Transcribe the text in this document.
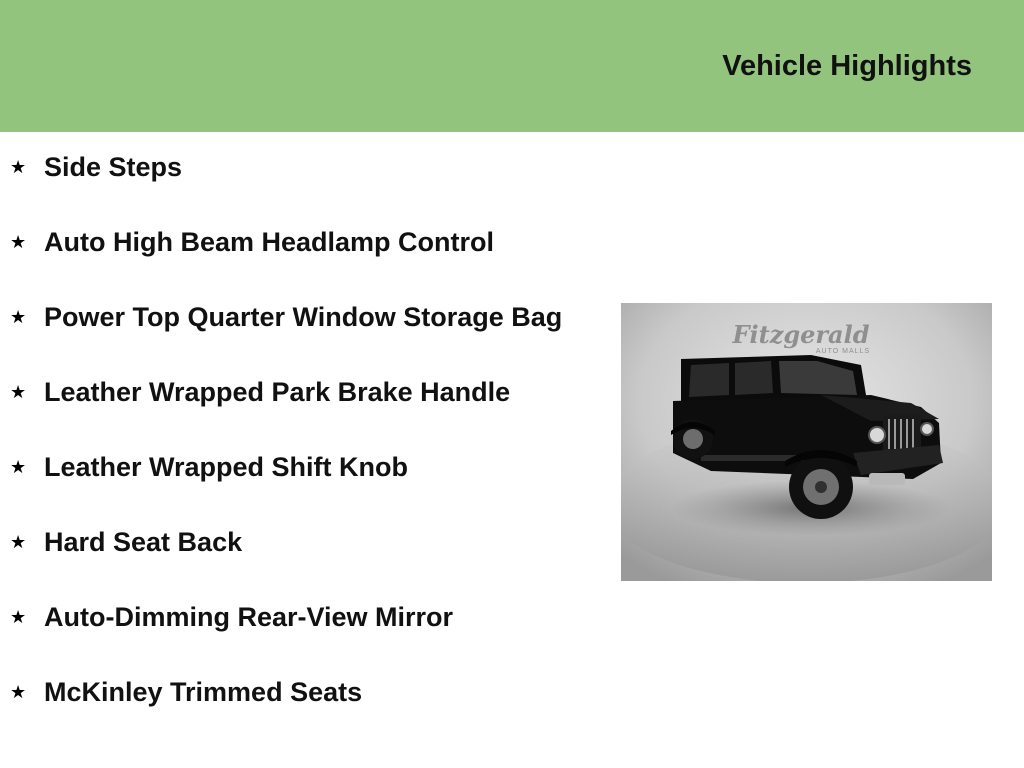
Vehicle Highlights
★ Side Steps
★ Auto High Beam Headlamp Control
★ Power Top Quarter Window Storage Bag
★ Leather Wrapped Park Brake Handle
★ Leather Wrapped Shift Knob
★ Hard Seat Back
★ Auto-Dimming Rear-View Mirror
★ McKinley Trimmed Seats
Fitzgerald
AUTO MALLS
